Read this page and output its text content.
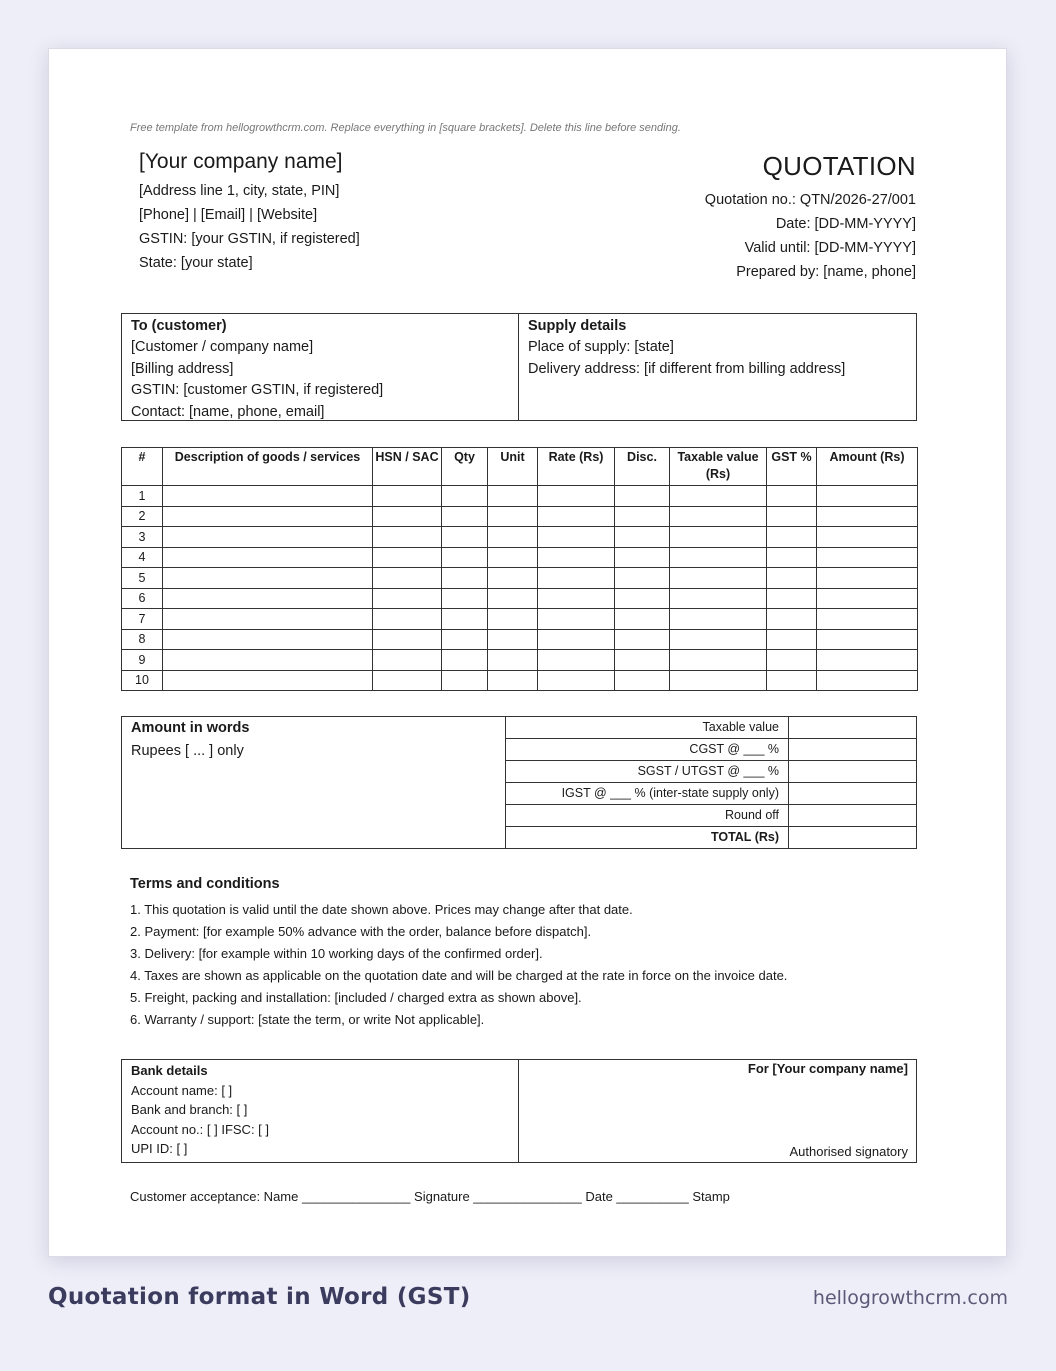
Free template from hellogrowthcrm.com. Replace everything in [square brackets]. Delete this line before sending.
[Your company name]
[Address line 1, city, state, PIN]
[Phone] | [Email] | [Website]
GSTIN: [your GSTIN, if registered]
State: [your state]
QUOTATION
Quotation no.: QTN/2026-27/001
Date: [DD-MM-YYYY]
Valid until: [DD-MM-YYYY]
Prepared by: [name, phone]
To (customer)
[Customer / company name]
[Billing address]
GSTIN: [customer GSTIN, if registered]
Contact: [name, phone, email]
Supply details
Place of supply: [state]
Delivery address: [if different from billing address]
#	Description of goods / services	HSN / SAC	Qty	Unit	Rate (Rs)	Disc.	Taxable value (Rs)	GST %	Amount (Rs)
1									
2									
3									
4									
5									
6									
7									
8									
9									
10									
Amount in words
Rupees [ ... ] only
Taxable value
CGST @ ___ %
SGST / UTGST @ ___ %
IGST @ ___ % (inter-state supply only)
Round off
TOTAL (Rs)
Terms and conditions
1. This quotation is valid until the date shown above. Prices may change after that date.
2. Payment: [for example 50% advance with the order, balance before dispatch].
3. Delivery: [for example within 10 working days of the confirmed order].
4. Taxes are shown as applicable on the quotation date and will be charged at the rate in force on the invoice date.
5. Freight, packing and installation: [included / charged extra as shown above].
6. Warranty / support: [state the term, or write Not applicable].
Bank details
Account name: [ ]
Bank and branch: [ ]
Account no.: [ ] IFSC: [ ]
UPI ID: [ ]
For [Your company name]
Authorised signatory
Customer acceptance: Name _______________ Signature _______________ Date __________ Stamp
Quotation format in Word (GST)	hellogrowthcrm.com
